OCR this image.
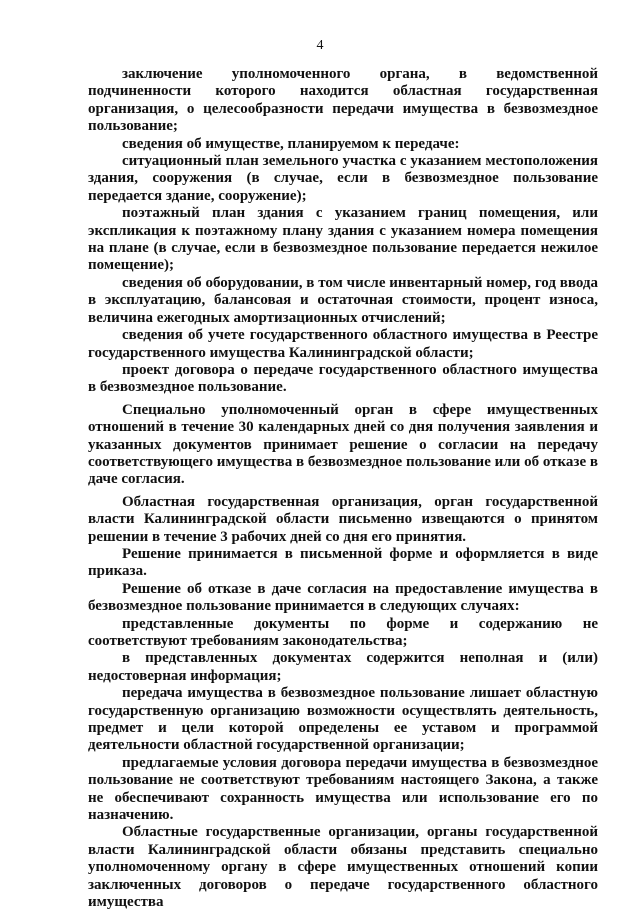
4

заключение уполномоченного органа, в ведомственной подчиненности которого находится областная государственная организация, о целесообразности передачи имущества в безвозмездное пользование;

сведения об имуществе, планируемом к передаче:

ситуационный план земельного участка с указанием местоположения здания, сооружения (в случае, если в безвозмездное пользование передается здание, сооружение);

поэтажный план здания с указанием границ помещения, или экспликация к поэтажному плану здания с указанием номера помещения на плане (в случае, если в безвозмездное пользование передается нежилое помещение);

сведения об оборудовании, в том числе инвентарный номер, год ввода в эксплуатацию, балансовая и остаточная стоимости, процент износа, величина ежегодных амортизационных отчислений;

сведения об учете государственного областного имущества в Реестре государственного имущества Калининградской области;

проект договора о передаче государственного областного имущества в безвозмездное пользование.

Специально уполномоченный орган в сфере имущественных отношений в течение 30 календарных дней со дня получения заявления и указанных документов принимает решение о согласии на передачу соответствующего имущества в безвозмездное пользование или об отказе в даче согласия.

Областная государственная организация, орган государственной власти Калининградской области письменно извещаются о принятом решении в течение 3 рабочих дней со дня его принятия.

Решение принимается в письменной форме и оформляется в виде приказа.

Решение об отказе в даче согласия на предоставление имущества в безвозмездное пользование принимается в следующих случаях:

представленные документы по форме и содержанию не соответствуют требованиям законодательства;

в представленных документах содержится неполная и (или) недостоверная информация;

передача имущества в безвозмездное пользование лишает областную государственную организацию возможности осуществлять деятельность, предмет и цели которой определены ее уставом и программой деятельности областной государственной организации;

предлагаемые условия договора передачи имущества в безвозмездное пользование не соответствуют требованиям настоящего Закона, а также не обеспечивают сохранность имущества или использование его по назначению.

Областные государственные организации, органы государственной власти Калининградской области обязаны представить специально уполномоченному органу в сфере имущественных отношений копии заключенных договоров о передаче государственного областного имущества
